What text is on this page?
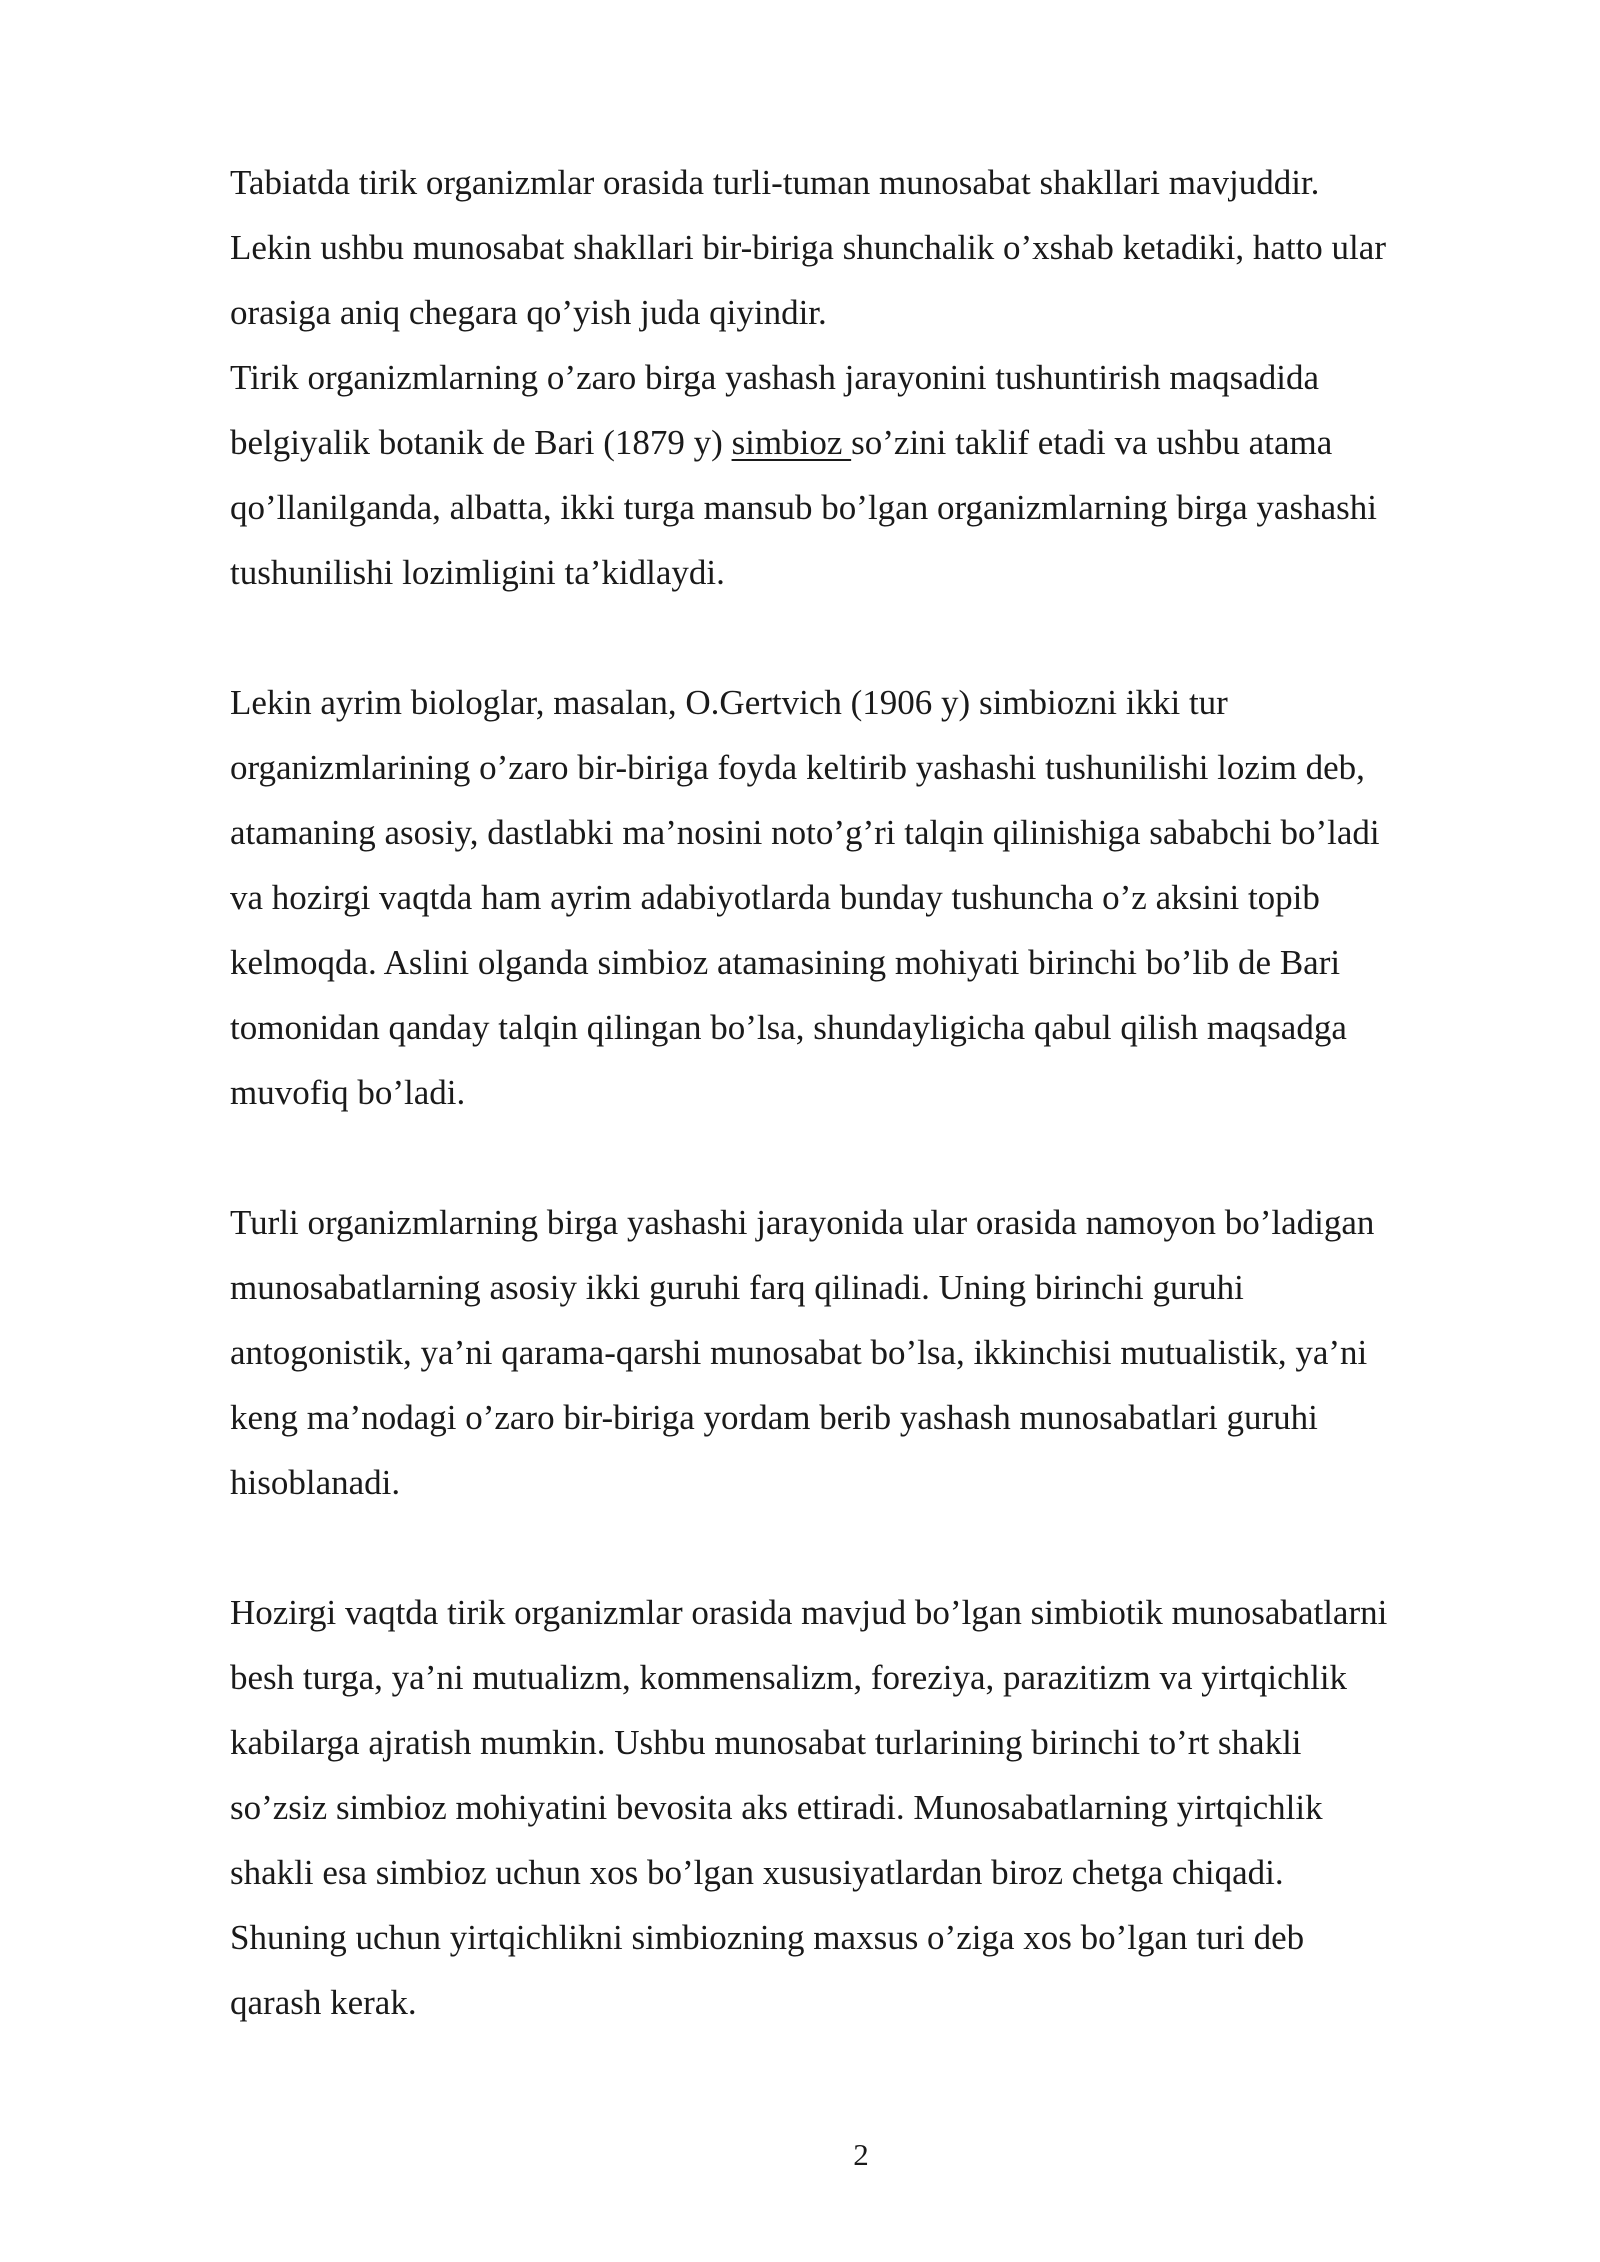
Tabiatda tirik organizmlar orasida turli-tuman munosabat shakllari mavjuddir.
Lekin ushbu munosabat shakllari bir-biriga shunchalik o’xshab ketadiki, hatto ular
orasiga aniq chegara qo’yish juda qiyindir.
Tirik organizmlarning o’zaro birga yashash jarayonini tushuntirish maqsadida
belgiyalik botanik de Bari (1879 y) simbioz so’zini taklif etadi va ushbu atama
qo’llanilganda, albatta, ikki turga mansub bo’lgan organizmlarning birga yashashi
tushunilishi lozimligini ta’kidlaydi.
Lekin ayrim biologlar, masalan, O.Gertvich (1906 y) simbiozni ikki tur
organizmlarining o’zaro bir-biriga foyda keltirib yashashi tushunilishi lozim deb,
atamaning asosiy, dastlabki ma’nosini noto’g’ri talqin qilinishiga sababchi bo’ladi
va hozirgi vaqtda ham ayrim adabiyotlarda bunday tushuncha o’z aksini topib
kelmoqda. Aslini olganda simbioz atamasining mohiyati birinchi bo’lib de Bari
tomonidan qanday talqin qilingan bo’lsa, shundayligicha qabul qilish maqsadga
muvofiq bo’ladi.
Turli organizmlarning birga yashashi jarayonida ular orasida namoyon bo’ladigan
munosabatlarning asosiy ikki guruhi farq qilinadi. Uning birinchi guruhi
antogonistik, ya’ni qarama-qarshi munosabat bo’lsa, ikkinchisi mutualistik, ya’ni
keng ma’nodagi o’zaro bir-biriga yordam berib yashash munosabatlari guruhi
hisoblanadi.
Hozirgi vaqtda tirik organizmlar orasida mavjud bo’lgan simbiotik munosabatlarni
besh turga, ya’ni mutualizm, kommensalizm, foreziya, parazitizm va yirtqichlik
kabilarga ajratish mumkin. Ushbu munosabat turlarining birinchi to’rt shakli
so’zsiz simbioz mohiyatini bevosita aks ettiradi. Munosabatlarning yirtqichlik
shakli esa simbioz uchun xos bo’lgan xususiyatlardan biroz chetga chiqadi.
Shuning uchun yirtqichlikni simbiozning maxsus o’ziga xos bo’lgan turi deb
qarash kerak.
2
